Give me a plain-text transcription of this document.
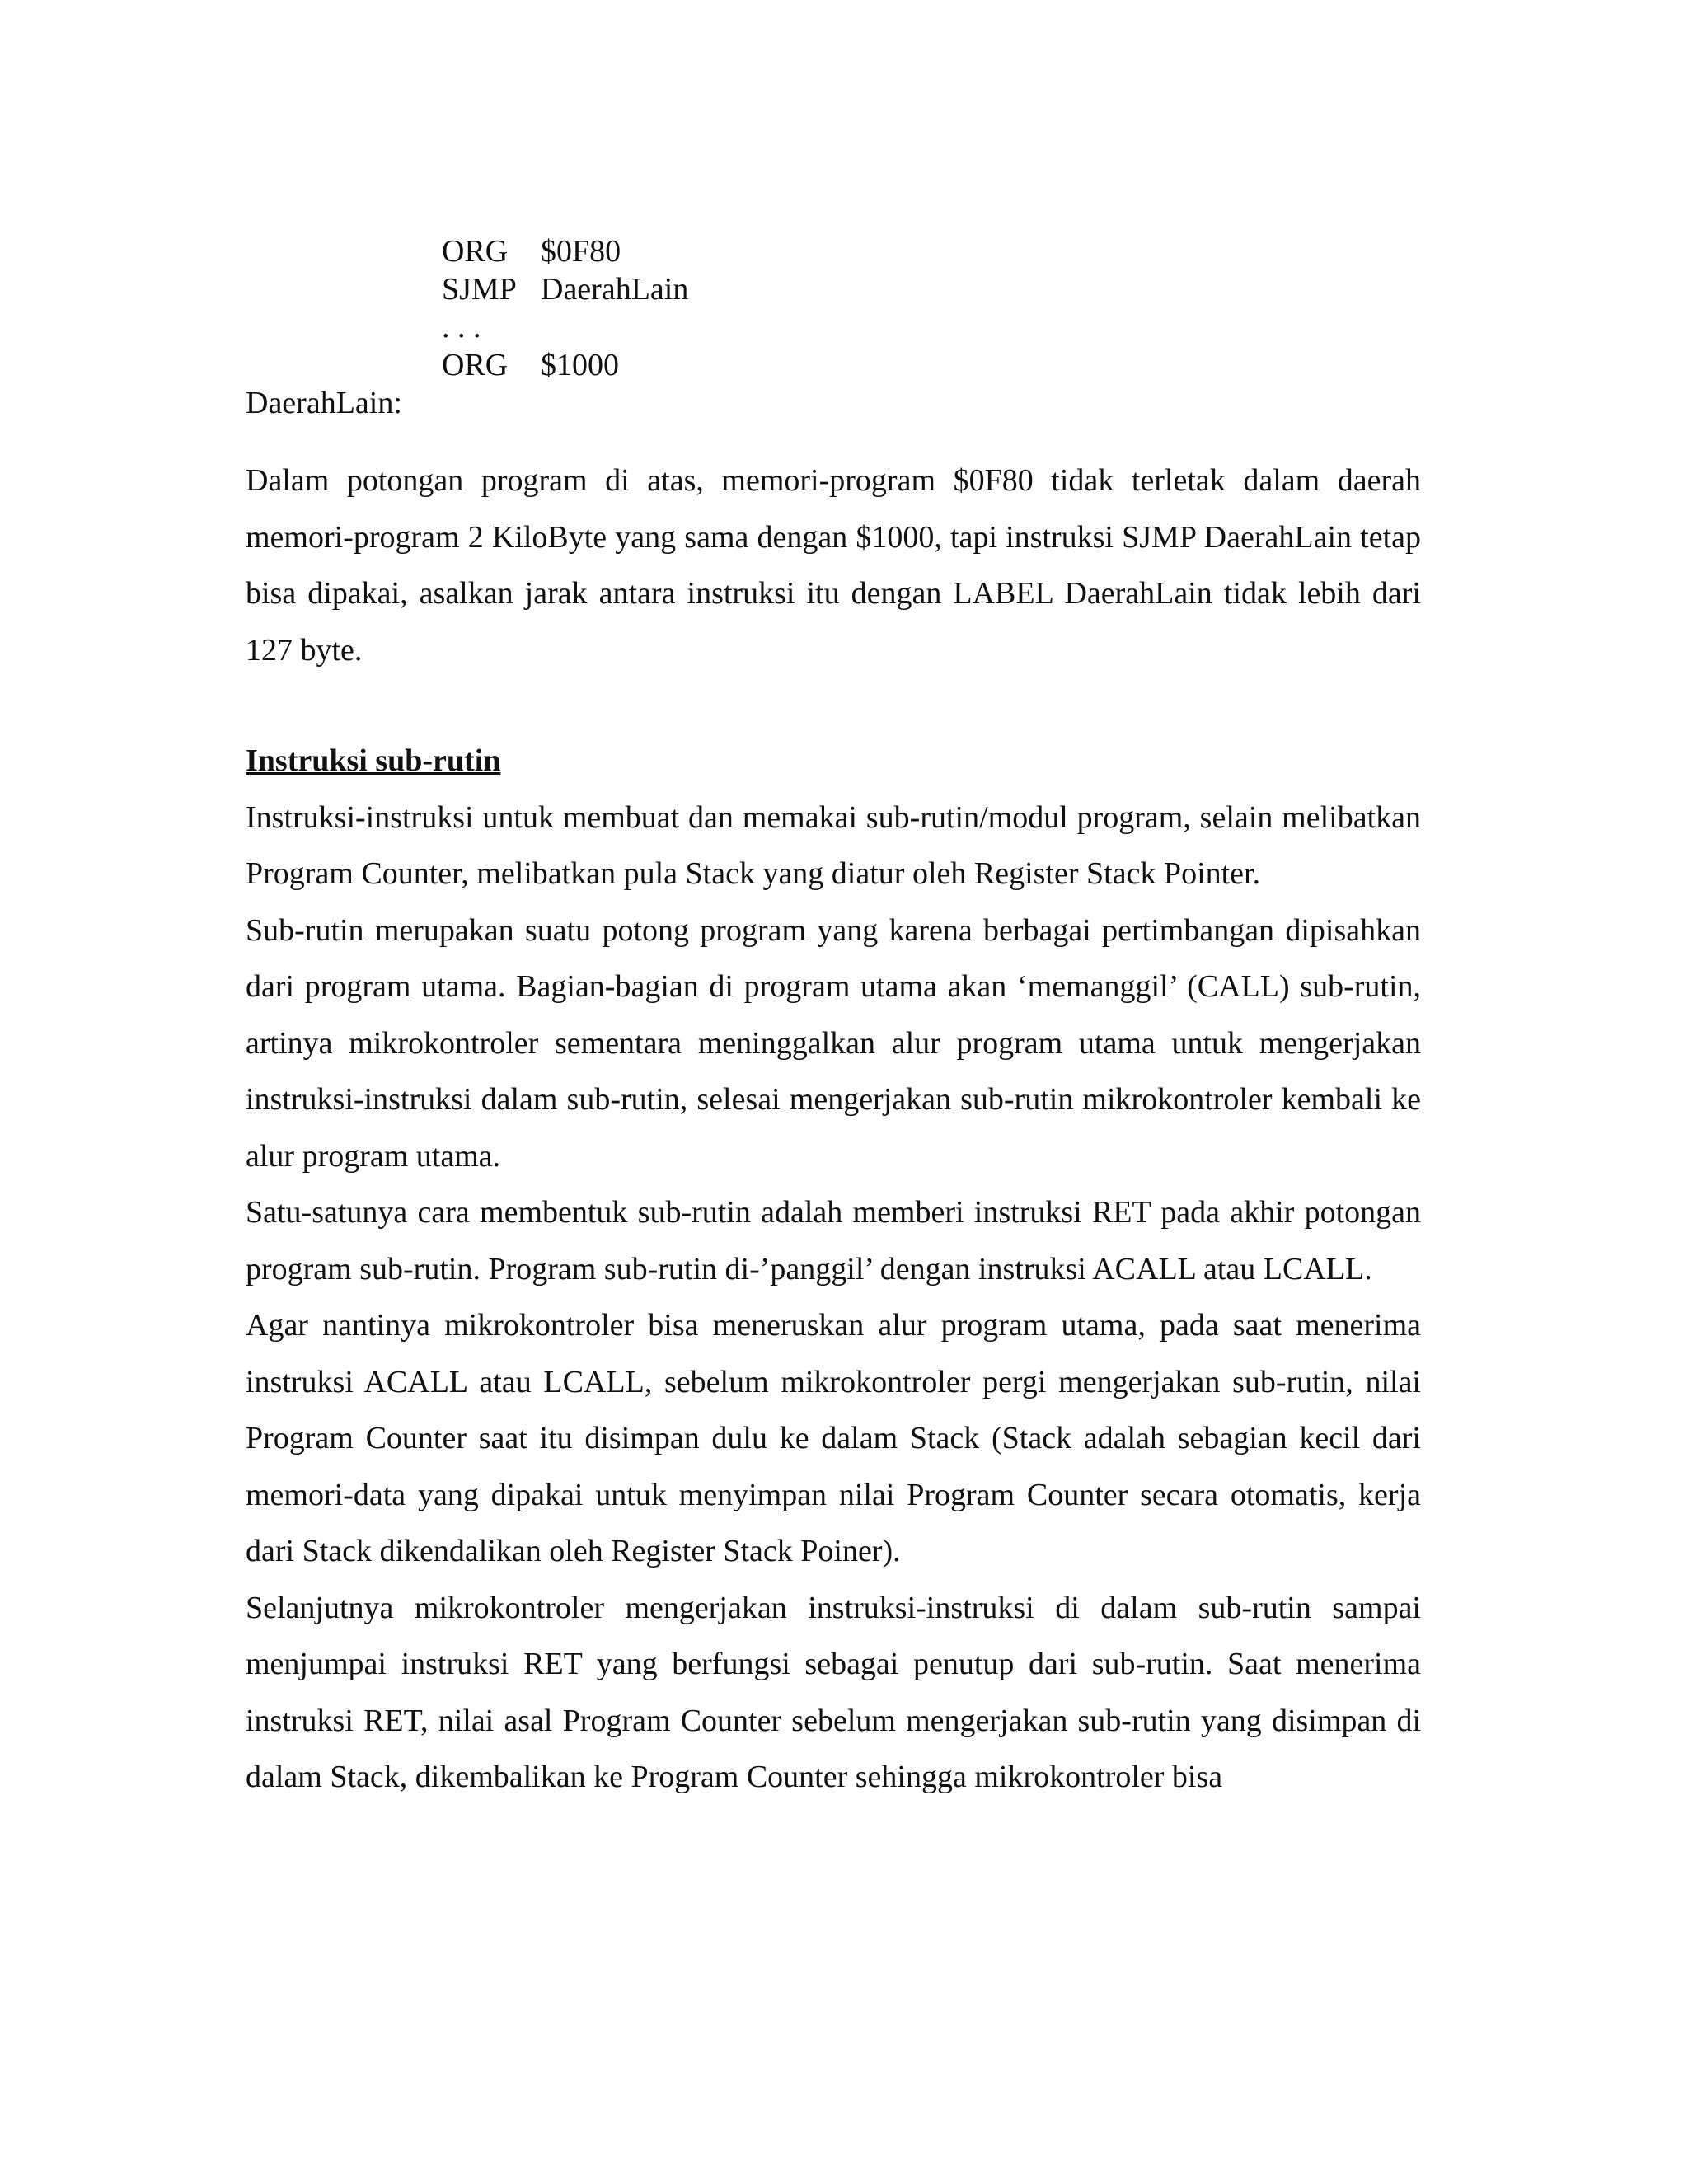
ORG	$0F80
SJMP DaerahLain
. . .
ORG	$1000
DaerahLain:

Dalam potongan program di atas, memori-program $0F80 tidak terletak dalam daerah memori-program 2 KiloByte yang sama dengan $1000, tapi instruksi SJMP DaerahLain tetap bisa dipakai, asalkan jarak antara instruksi itu dengan LABEL DaerahLain tidak lebih dari 127 byte.

Instruksi sub-rutin

Instruksi-instruksi untuk membuat dan memakai sub-rutin/modul program, selain melibatkan Program Counter, melibatkan pula Stack yang diatur oleh Register Stack Pointer.

Sub-rutin merupakan suatu potong program yang karena berbagai pertimbangan dipisahkan dari program utama. Bagian-bagian di program utama akan ‘memanggil’ (CALL) sub-rutin, artinya mikrokontroler sementara meninggalkan alur program utama untuk mengerjakan instruksi-instruksi dalam sub-rutin, selesai mengerjakan sub-rutin mikrokontroler kembali ke alur program utama.

Satu-satunya cara membentuk sub-rutin adalah memberi instruksi RET pada akhir potongan program sub-rutin. Program sub-rutin di-’panggil’ dengan instruksi ACALL atau LCALL.

Agar nantinya mikrokontroler bisa meneruskan alur program utama, pada saat menerima instruksi ACALL atau LCALL, sebelum mikrokontroler pergi mengerjakan sub-rutin, nilai Program Counter saat itu disimpan dulu ke dalam Stack (Stack adalah sebagian kecil dari memori-data yang dipakai untuk menyimpan nilai Program Counter secara otomatis, kerja dari Stack dikendalikan oleh Register Stack Poiner).

Selanjutnya mikrokontroler mengerjakan instruksi-instruksi di dalam sub-rutin sampai menjumpai instruksi RET yang berfungsi sebagai penutup dari sub-rutin. Saat menerima instruksi RET, nilai asal Program Counter sebelum mengerjakan sub-rutin yang disimpan di dalam Stack, dikembalikan ke Program Counter sehingga mikrokontroler bisa
